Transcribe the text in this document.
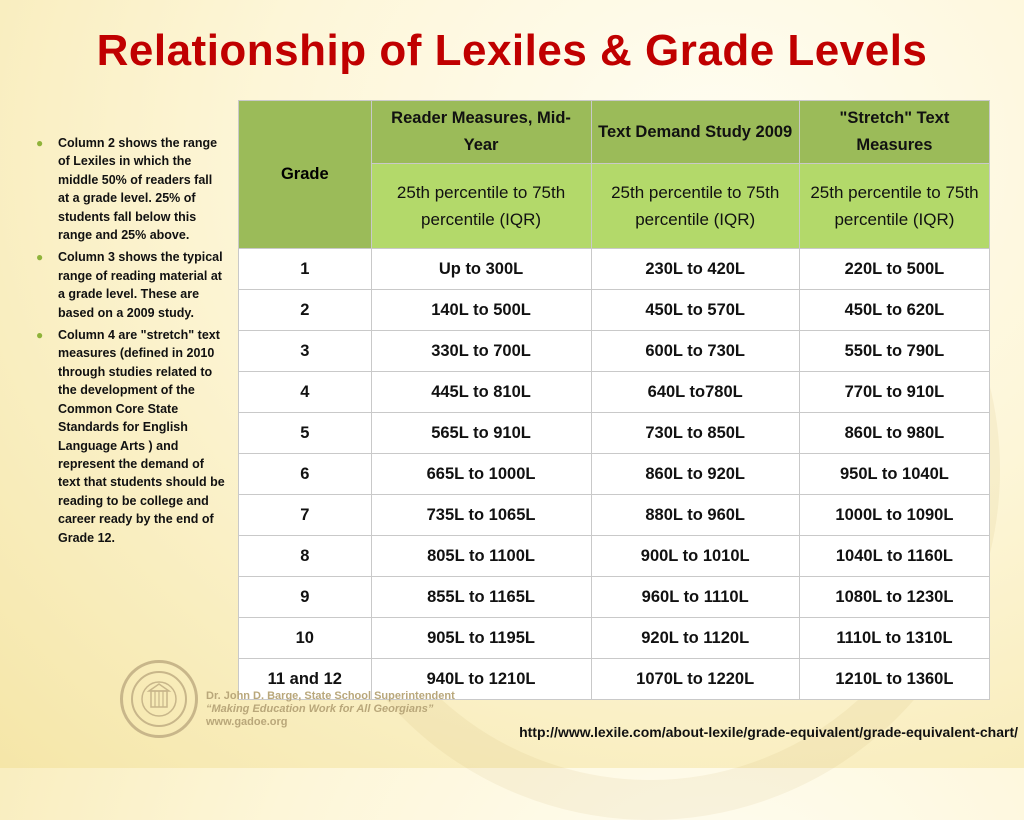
Relationship of Lexiles & Grade Levels
● Column 2 shows the range of Lexiles in which the middle 50% of readers fall at a grade level. 25% of students fall below this range and 25% above.
● Column 3 shows the typical range of reading material at a grade level. These are based on a 2009 study.
● Column 4 are "stretch" text measures (defined in 2010 through studies related to the development of the Common Core State Standards for English Language Arts ) and represent the demand of text that students should be reading to be college and career ready by the end of Grade 12.
Grade	Reader Measures, Mid-Year	Text Demand Study 2009	"Stretch" Text Measures
	25th percentile to 75th percentile (IQR)	25th percentile to 75th percentile (IQR)	25th percentile to 75th percentile (IQR)
1	Up to 300L	230L to 420L	220L to 500L
2	140L to 500L	450L to 570L	450L to 620L
3	330L to 700L	600L to 730L	550L to 790L
4	445L to 810L	640L to780L	770L to 910L
5	565L to 910L	730L to 850L	860L to 980L
6	665L to 1000L	860L to 920L	950L to 1040L
7	735L to 1065L	880L to 960L	1000L to 1090L
8	805L to 1100L	900L to 1010L	1040L to 1160L
9	855L to 1165L	960L to 1110L	1080L to 1230L
10	905L to 1195L	920L to 1120L	1110L to 1310L
11 and 12	940L to 1210L	1070L to 1220L	1210L to 1360L
Dr. John D. Barge, State School Superintendent
“Making Education Work for All Georgians”
www.gadoe.org
http://www.lexile.com/about-lexile/grade-equivalent/grade-equivalent-chart/
